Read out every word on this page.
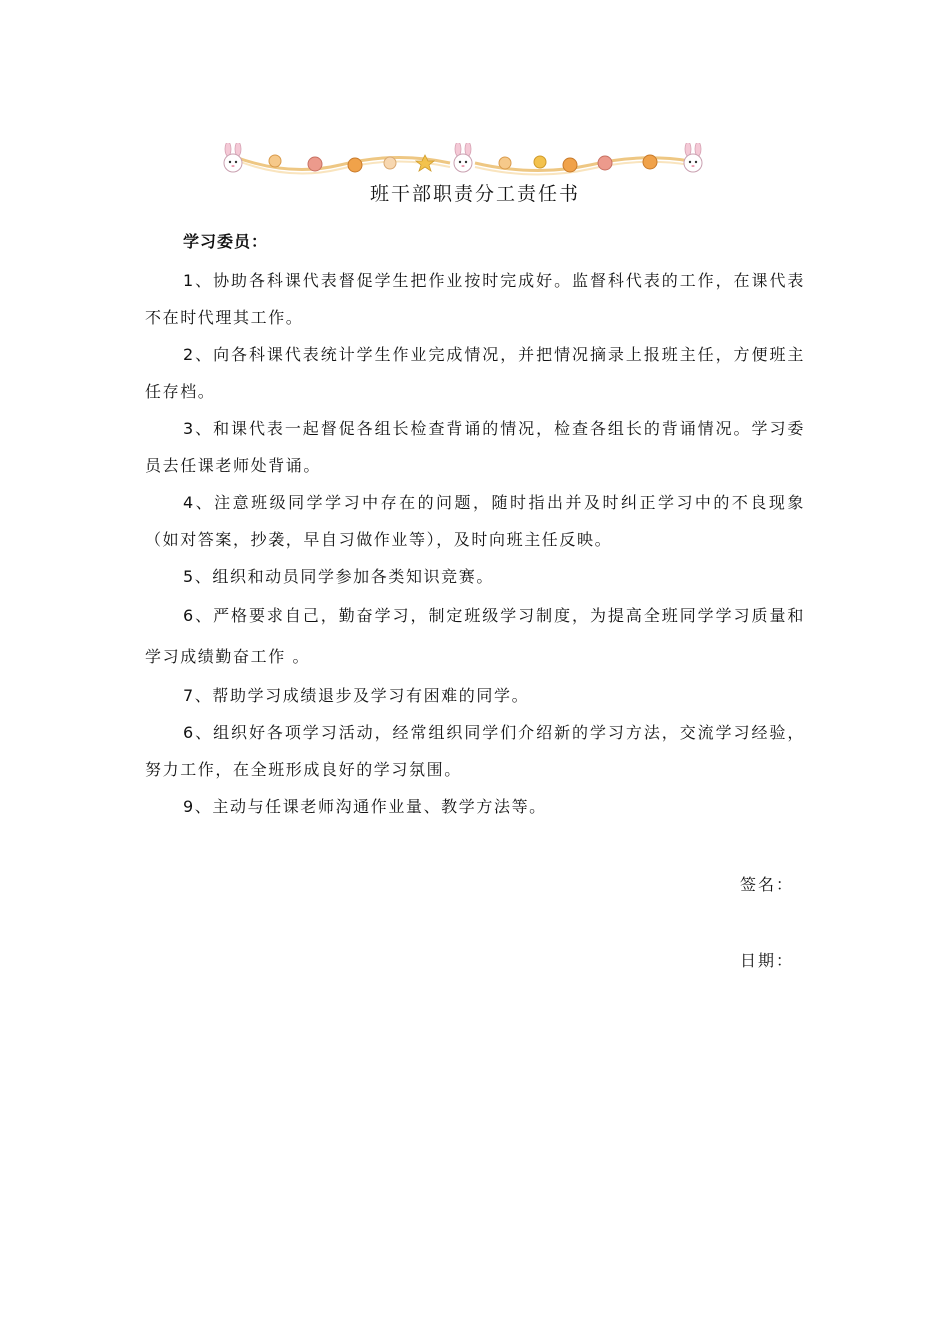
班干部职责分工责任书
学习委员：

1、协助各科课代表督促学生把作业按时完成好。监督科代表的工作，在课代表不在时代理其工作。

2、向各科课代表统计学生作业完成情况，并把情况摘录上报班主任，方便班主任存档。

3、和课代表一起督促各组长检查背诵的情况，检查各组长的背诵情况。学习委员去任课老师处背诵。

4、注意班级同学学习中存在的问题，随时指出并及时纠正学习中的不良现象（如对答案，抄袭，早自习做作业等），及时向班主任反映。

5、组织和动员同学参加各类知识竞赛。

6、严格要求自己，勤奋学习，制定班级学习制度，为提高全班同学学习质量和学习成绩勤奋工作 。

7、帮助学习成绩退步及学习有困难的同学。

6、组织好各项学习活动，经常组织同学们介绍新的学习方法，交流学习经验，努力工作，在全班形成良好的学习氛围。

9、主动与任课老师沟通作业量、教学方法等。

签名：
日期：
